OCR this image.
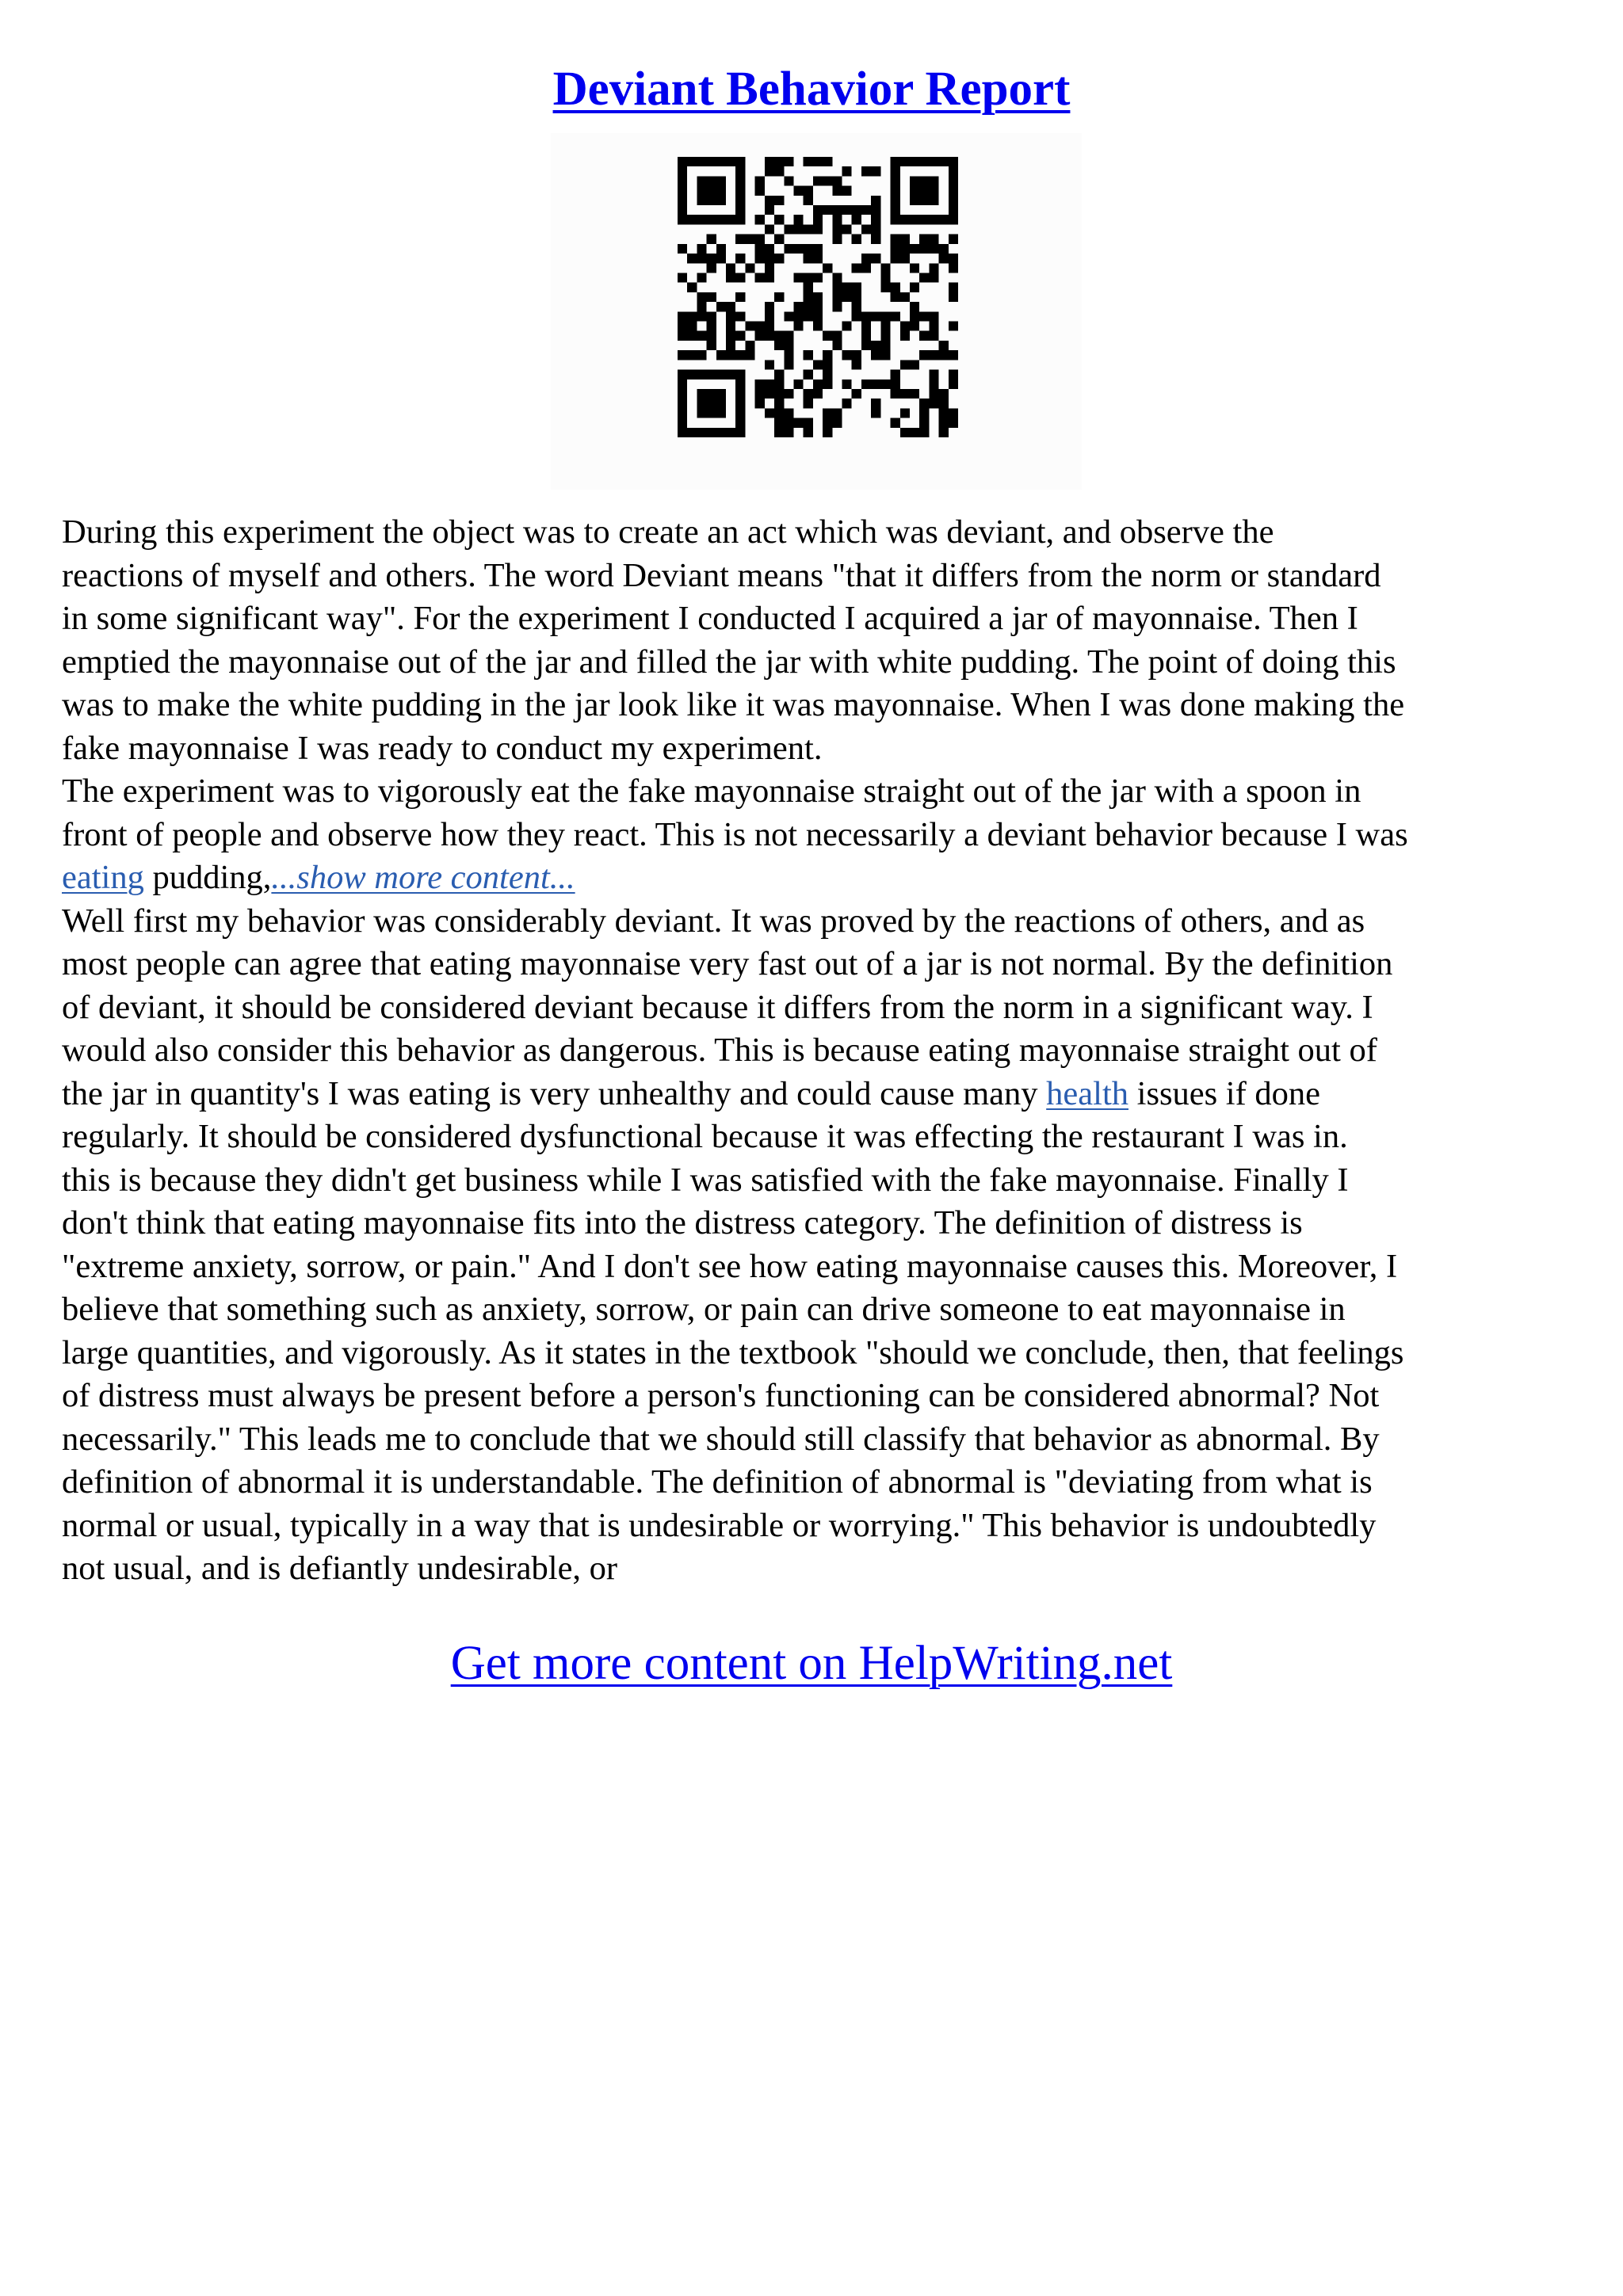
Deviant Behavior Report
During this experiment the object was to create an act which was deviant, and observe the
reactions of myself and others. The word Deviant means "that it differs from the norm or standard
in some significant way". For the experiment I conducted I acquired a jar of mayonnaise. Then I
emptied the mayonnaise out of the jar and filled the jar with white pudding. The point of doing this
was to make the white pudding in the jar look like it was mayonnaise. When I was done making the
fake mayonnaise I was ready to conduct my experiment.
The experiment was to vigorously eat the fake mayonnaise straight out of the jar with a spoon in
front of people and observe how they react. This is not necessarily a deviant behavior because I was
eating pudding,...show more content...
Well first my behavior was considerably deviant. It was proved by the reactions of others, and as
most people can agree that eating mayonnaise very fast out of a jar is not normal. By the definition
of deviant, it should be considered deviant because it differs from the norm in a significant way. I
would also consider this behavior as dangerous. This is because eating mayonnaise straight out of
the jar in quantity's I was eating is very unhealthy and could cause many health issues if done
regularly. It should be considered dysfunctional because it was effecting the restaurant I was in.
this is because they didn't get business while I was satisfied with the fake mayonnaise. Finally I
don't think that eating mayonnaise fits into the distress category. The definition of distress is
"extreme anxiety, sorrow, or pain." And I don't see how eating mayonnaise causes this. Moreover, I
believe that something such as anxiety, sorrow, or pain can drive someone to eat mayonnaise in
large quantities, and vigorously. As it states in the textbook "should we conclude, then, that feelings
of distress must always be present before a person's functioning can be considered abnormal? Not
necessarily." This leads me to conclude that we should still classify that behavior as abnormal. By
definition of abnormal it is understandable. The definition of abnormal is "deviating from what is
normal or usual, typically in a way that is undesirable or worrying." This behavior is undoubtedly
not usual, and is defiantly undesirable, or
Get more content on HelpWriting.net
